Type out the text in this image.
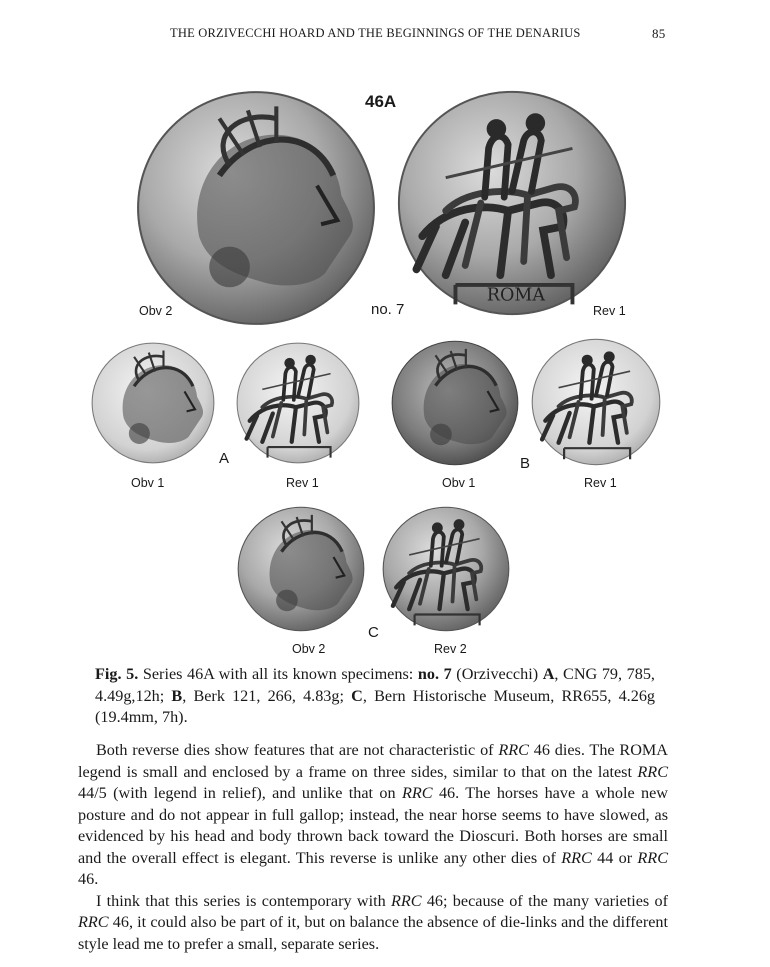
THE ORZIVECCHI HOARD AND THE BEGINNINGS OF THE DENARIUS	85
46A
ROMA
Obv 2	no. 7	Rev 1
A
Obv 1	Rev 1
B
Obv 1	Rev 1
C
Obv 2	Rev 2
Fig. 5. Series 46A with all its known specimens: no. 7 (Orzivecchi) A, CNG 79, 785, 4.49g,12h; B, Berk 121, 266, 4.83g; C, Bern Historische Museum, RR655, 4.26g (19.4mm, 7h).

Both reverse dies show features that are not characteristic of RRC 46 dies. The ROMA legend is small and enclosed by a frame on three sides, similar to that on the latest RRC 44/5 (with legend in relief), and unlike that on RRC 46. The horses have a whole new posture and do not appear in full gallop; instead, the near horse seems to have slowed, as evidenced by his head and body thrown back toward the Dioscuri. Both horses are small and the overall effect is elegant. This reverse is unlike any other dies of RRC 44 or RRC 46.

I think that this series is contemporary with RRC 46; because of the many varieties of RRC 46, it could also be part of it, but on balance the absence of die-links and the different style lead me to prefer a small, separate series.
